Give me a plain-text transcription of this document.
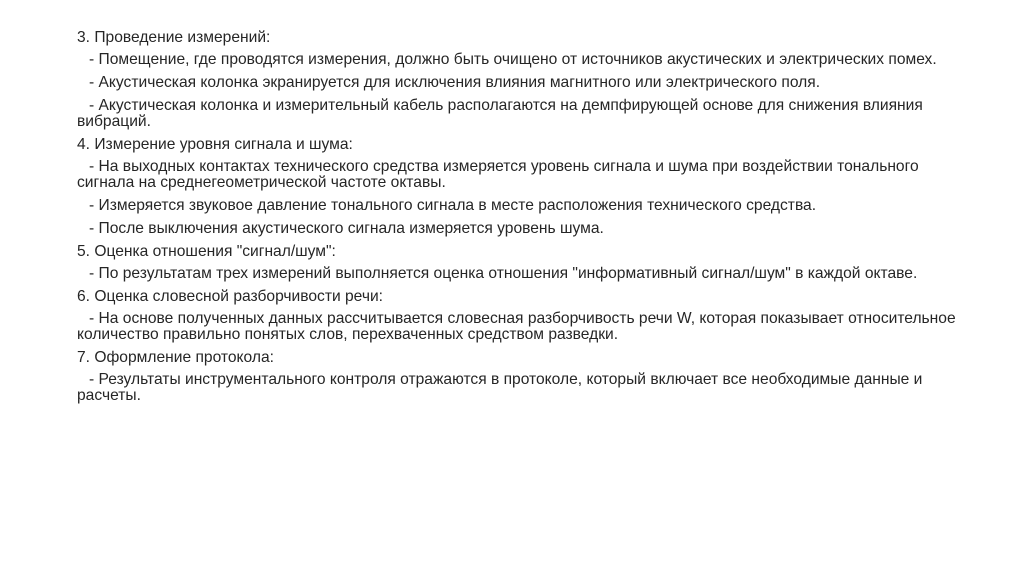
3. Проведение измерений:

- Помещение, где проводятся измерения, должно быть очищено от источников акустических и электрических помех.

- Акустическая колонка экранируется для исключения влияния магнитного или электрического поля.

- Акустическая колонка и измерительный кабель располагаются на демпфирующей основе для снижения влияния вибраций.

4. Измерение уровня сигнала и шума:

- На выходных контактах технического средства измеряется уровень сигнала и шума при воздействии тонального сигнала на среднегеометрической частоте октавы.

- Измеряется звуковое давление тонального сигнала в месте расположения технического средства.

- После выключения акустического сигнала измеряется уровень шума.

5. Оценка отношения "сигнал/шум":

- По результатам трех измерений выполняется оценка отношения "информативный сигнал/шум" в каждой октаве.

6. Оценка словесной разборчивости речи:

- На основе полученных данных рассчитывается словесная разборчивость речи W, которая показывает относительное количество правильно понятых слов, перехваченных средством разведки.

7. Оформление протокола:

- Результаты инструментального контроля отражаются в протоколе, который включает все необходимые данные и расчеты.
